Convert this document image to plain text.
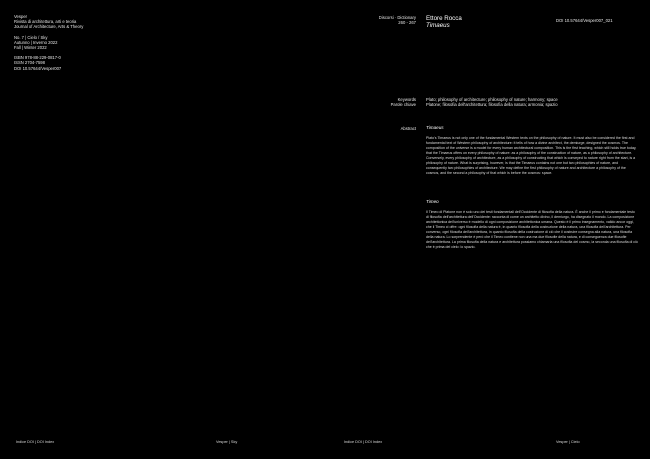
Vesper
Rivista di architettura, arti e teoria
Journal of Architecture, Arts & Theory
No. 7 | Cielo / Sky
Autunno | Inverno 2022
Fall | Winter 2022
ISBN 978-88-229-0817-0
ISSN 2704-7598
DOI 10.57644/Vesper007
Discorsi · Dictionary
260 - 267
Ettore Rocca
Timaeus
DOI 10.57644/Vesper007_021
Keywords
Parole chiave
Plato; philosophy of architecture; philosophy of nature; harmony; space
Platone; filosofia dell'architettura; filosofia della natura; armonia; spazio
Abstract Timaeus
Plato's Timaeus is not only one of the fundamental Western texts on the philosophy of nature. It must also be considered the first and fundamental text of Western philosophy of architecture: it tells of how a divine architect, the demiurge, designed the cosmos. The composition of the universe is a model for every human architectural composition. This is the first teaching, which still holds true today, that the Timaeus offers on every philosophy of nature: as a philosophy of the construction of nature, as a philosophy of architecture. Conversely, every philosophy of architecture, as a philosophy of constructing that which is conveyed to nature right from the start, is a philosophy of nature. What is surprising, however, is that the Timaeus contains not one but two philosophies of nature, and consequently two philosophies of architecture. We may define the first philosophy of nature and architecture a philosophy of the cosmos, and the second a philosophy of that which is before the cosmos: space.
Timeo
Il Timeo di Platone non è solo uno dei testi fondamentali dell'Occidente di filosofia della natura. È anche il primo e fondamentale testo di filosofia dell'architettura dell'Occidente: racconta di come un architetto divino, il demiurgo, ha disegnato il mondo. La composizione architettonica dell'universo è modello di ogni composizione architettonica umana. Questo è il primo insegnamento, valido ancor oggi, che il Timeo ci offre: ogni filosofia della natura è, in quanto filosofia della costruzione della natura, una filosofia dell'architettura. Per converso, ogni filosofia dell'architettura, in quanto filosofia della costruzione di ciò che il costruire consegna alla natura, una filosofia della natura. Lo sorprendente è però che il Timeo contiene non una ma due filosofie della natura, e di conseguenza due filosofie dell'architettura. La prima filosofia della natura e architettura possiamo chiamarla una filosofia del cosmo, la seconda una filosofia di ciò che è prima del cielo: lo spazio.
Indice DOI | DOI Index	Vesper | Sky	Indice DOI | DOI Index	Vesper | Cielo
